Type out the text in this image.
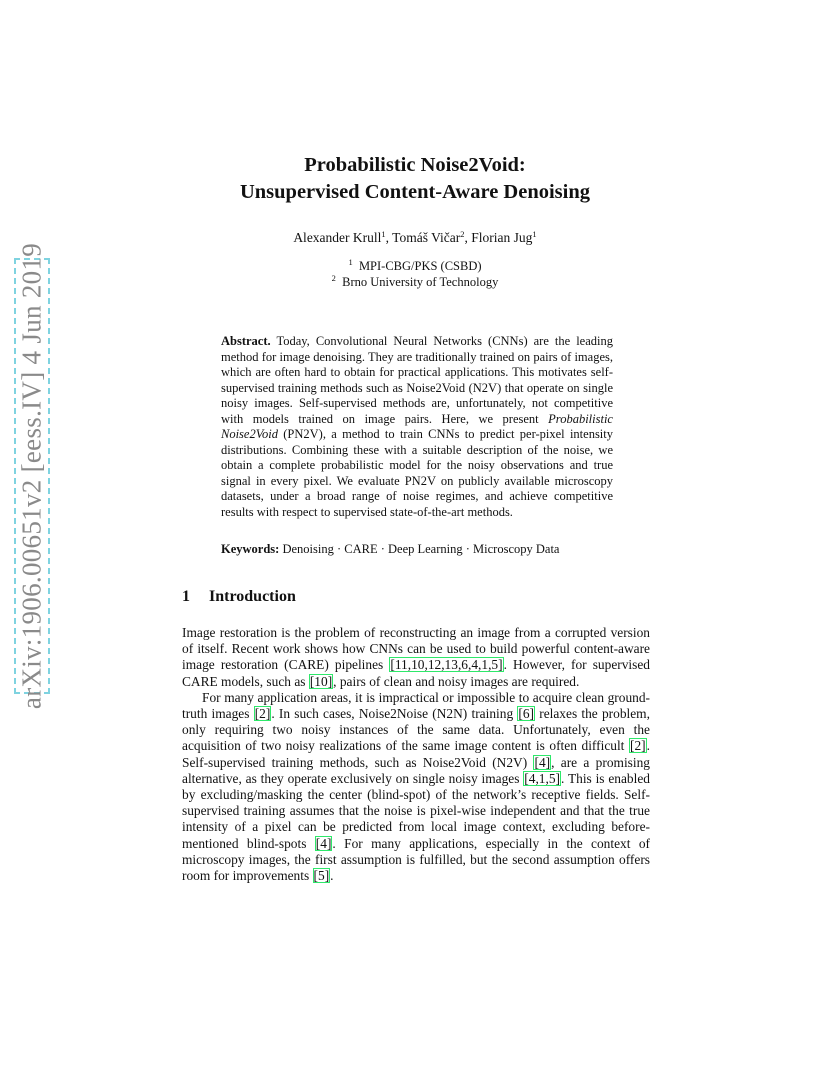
arXiv:1906.00651v2 [eess.IV] 4 Jun 2019
Probabilistic Noise2Void:
Unsupervised Content-Aware Denoising
Alexander Krull$^1$, Tomáš Vičar$^2$, Florian Jug$^1$
$^1$ MPI-CBG/PKS (CSBD)
$^2$ Brno University of Technology
Abstract. Today, Convolutional Neural Networks (CNNs) are the leading method for image denoising. They are traditionally trained on pairs of images, which are often hard to obtain for practical applications. This motivates self-supervised training methods such as Noise2Void (N2V) that operate on single noisy images. Self-supervised methods are, unfortunately, not competitive with models trained on image pairs. Here, we present Probabilistic Noise2Void (PN2V), a method to train CNNs to predict per-pixel intensity distributions. Combining these with a suitable description of the noise, we obtain a complete probabilistic model for the noisy observations and true signal in every pixel. We evaluate PN2V on publicly available microscopy datasets, under a broad range of noise regimes, and achieve competitive results with respect to supervised state-of-the-art methods.
Keywords: Denoising · CARE · Deep Learning · Microscopy Data
1 Introduction

Image restoration is the problem of reconstructing an image from a corrupted version of itself. Recent work shows how CNNs can be used to build powerful content-aware image restoration (CARE) pipelines [11,10,12,13,6,4,1,5]. However, for supervised CARE models, such as [10], pairs of clean and noisy images are required.

For many application areas, it is impractical or impossible to acquire clean ground-truth images [2]. In such cases, Noise2Noise (N2N) training [6] relaxes the problem, only requiring two noisy instances of the same data. Unfortunately, even the acquisition of two noisy realizations of the same image content is often difficult [2]. Self-supervised training methods, such as Noise2Void (N2V) [4], are a promising alternative, as they operate exclusively on single noisy images [4,1,5]. This is enabled by excluding/masking the center (blind-spot) of the network’s receptive fields. Self-supervised training assumes that the noise is pixel-wise independent and that the true intensity of a pixel can be predicted from local image context, excluding before-mentioned blind-spots [4]. For many applications, especially in the context of microscopy images, the first assumption is fulfilled, but the second assumption offers room for improvements [5].
